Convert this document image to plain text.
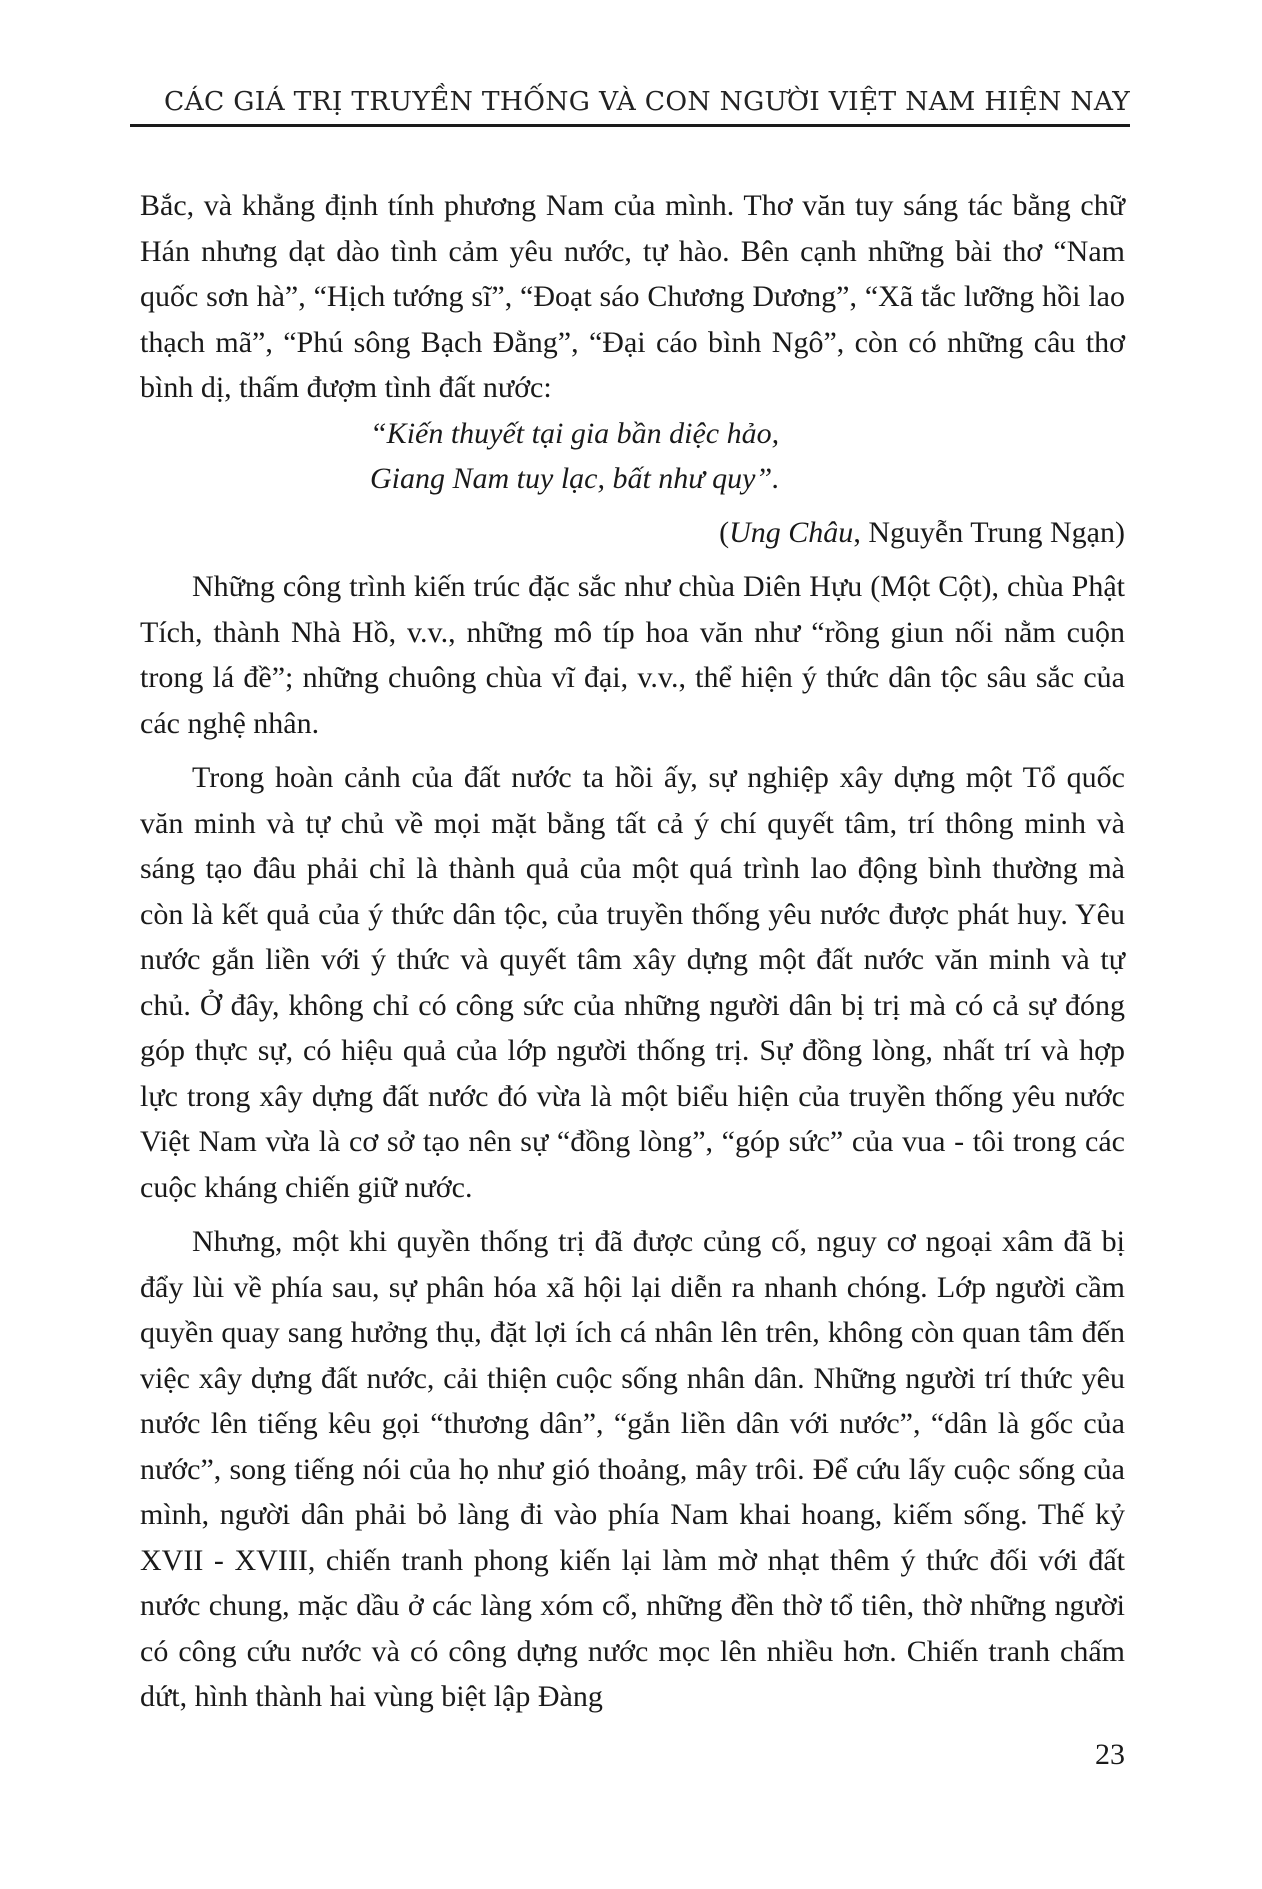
CÁC GIÁ TRỊ TRUYỀN THỐNG VÀ CON NGƯỜI VIỆT NAM HIỆN NAY

Bắc, và khẳng định tính phương Nam của mình. Thơ văn tuy sáng tác bằng chữ Hán nhưng dạt dào tình cảm yêu nước, tự hào. Bên cạnh những bài thơ “Nam quốc sơn hà”, “Hịch tướng sĩ”, “Đoạt sáo Chương Dương”, “Xã tắc lưỡng hồi lao thạch mã”, “Phú sông Bạch Đằng”, “Đại cáo bình Ngô”, còn có những câu thơ bình dị, thấm đượm tình đất nước:

“Kiến thuyết tại gia bần diệc hảo,
Giang Nam tuy lạc, bất như quy”.

(Ung Châu, Nguyễn Trung Ngạn)

Những công trình kiến trúc đặc sắc như chùa Diên Hựu (Một Cột), chùa Phật Tích, thành Nhà Hồ, v.v., những mô típ hoa văn như “rồng giun nối nằm cuộn trong lá đề”; những chuông chùa vĩ đại, v.v., thể hiện ý thức dân tộc sâu sắc của các nghệ nhân.

Trong hoàn cảnh của đất nước ta hồi ấy, sự nghiệp xây dựng một Tổ quốc văn minh và tự chủ về mọi mặt bằng tất cả ý chí quyết tâm, trí thông minh và sáng tạo đâu phải chỉ là thành quả của một quá trình lao động bình thường mà còn là kết quả của ý thức dân tộc, của truyền thống yêu nước được phát huy. Yêu nước gắn liền với ý thức và quyết tâm xây dựng một đất nước văn minh và tự chủ. Ở đây, không chỉ có công sức của những người dân bị trị mà có cả sự đóng góp thực sự, có hiệu quả của lớp người thống trị. Sự đồng lòng, nhất trí và hợp lực trong xây dựng đất nước đó vừa là một biểu hiện của truyền thống yêu nước Việt Nam vừa là cơ sở tạo nên sự “đồng lòng”, “góp sức” của vua - tôi trong các cuộc kháng chiến giữ nước.

Nhưng, một khi quyền thống trị đã được củng cố, nguy cơ ngoại xâm đã bị đẩy lùi về phía sau, sự phân hóa xã hội lại diễn ra nhanh chóng. Lớp người cầm quyền quay sang hưởng thụ, đặt lợi ích cá nhân lên trên, không còn quan tâm đến việc xây dựng đất nước, cải thiện cuộc sống nhân dân. Những người trí thức yêu nước lên tiếng kêu gọi “thương dân”, “gắn liền dân với nước”, “dân là gốc của nước”, song tiếng nói của họ như gió thoảng, mây trôi. Để cứu lấy cuộc sống của mình, người dân phải bỏ làng đi vào phía Nam khai hoang, kiếm sống. Thế kỷ XVII - XVIII, chiến tranh phong kiến lại làm mờ nhạt thêm ý thức đối với đất nước chung, mặc dầu ở các làng xóm cổ, những đền thờ tổ tiên, thờ những người có công cứu nước và có công dựng nước mọc lên nhiều hơn. Chiến tranh chấm dứt, hình thành hai vùng biệt lập Đàng

23
